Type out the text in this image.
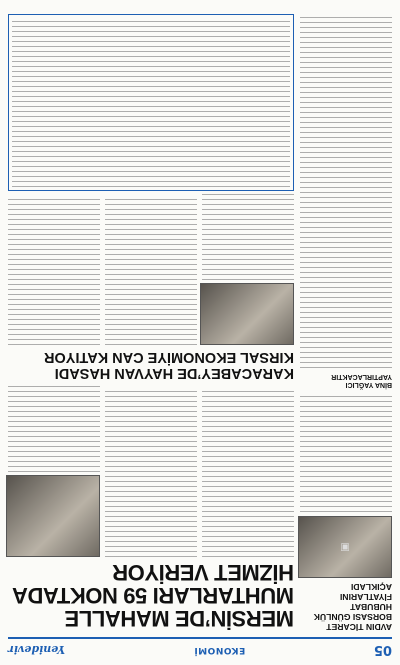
05
EKONOMİ
Yenidevir
AVDIN TİCARET BORSASI GÜNLÜK HUBUBAT FİYATLARINI AÇIKLADI
▣
BİNA YAĞLICI YAPTIRLACAKTIR
MERSİN’DE MAHALLE MUHTARLARI 59 NOKTADA HİZMET VERİYOR
KARACABEY’DE HAYVAN HASADI KIRSAL EKONOMİYE CAN KATIYOR
